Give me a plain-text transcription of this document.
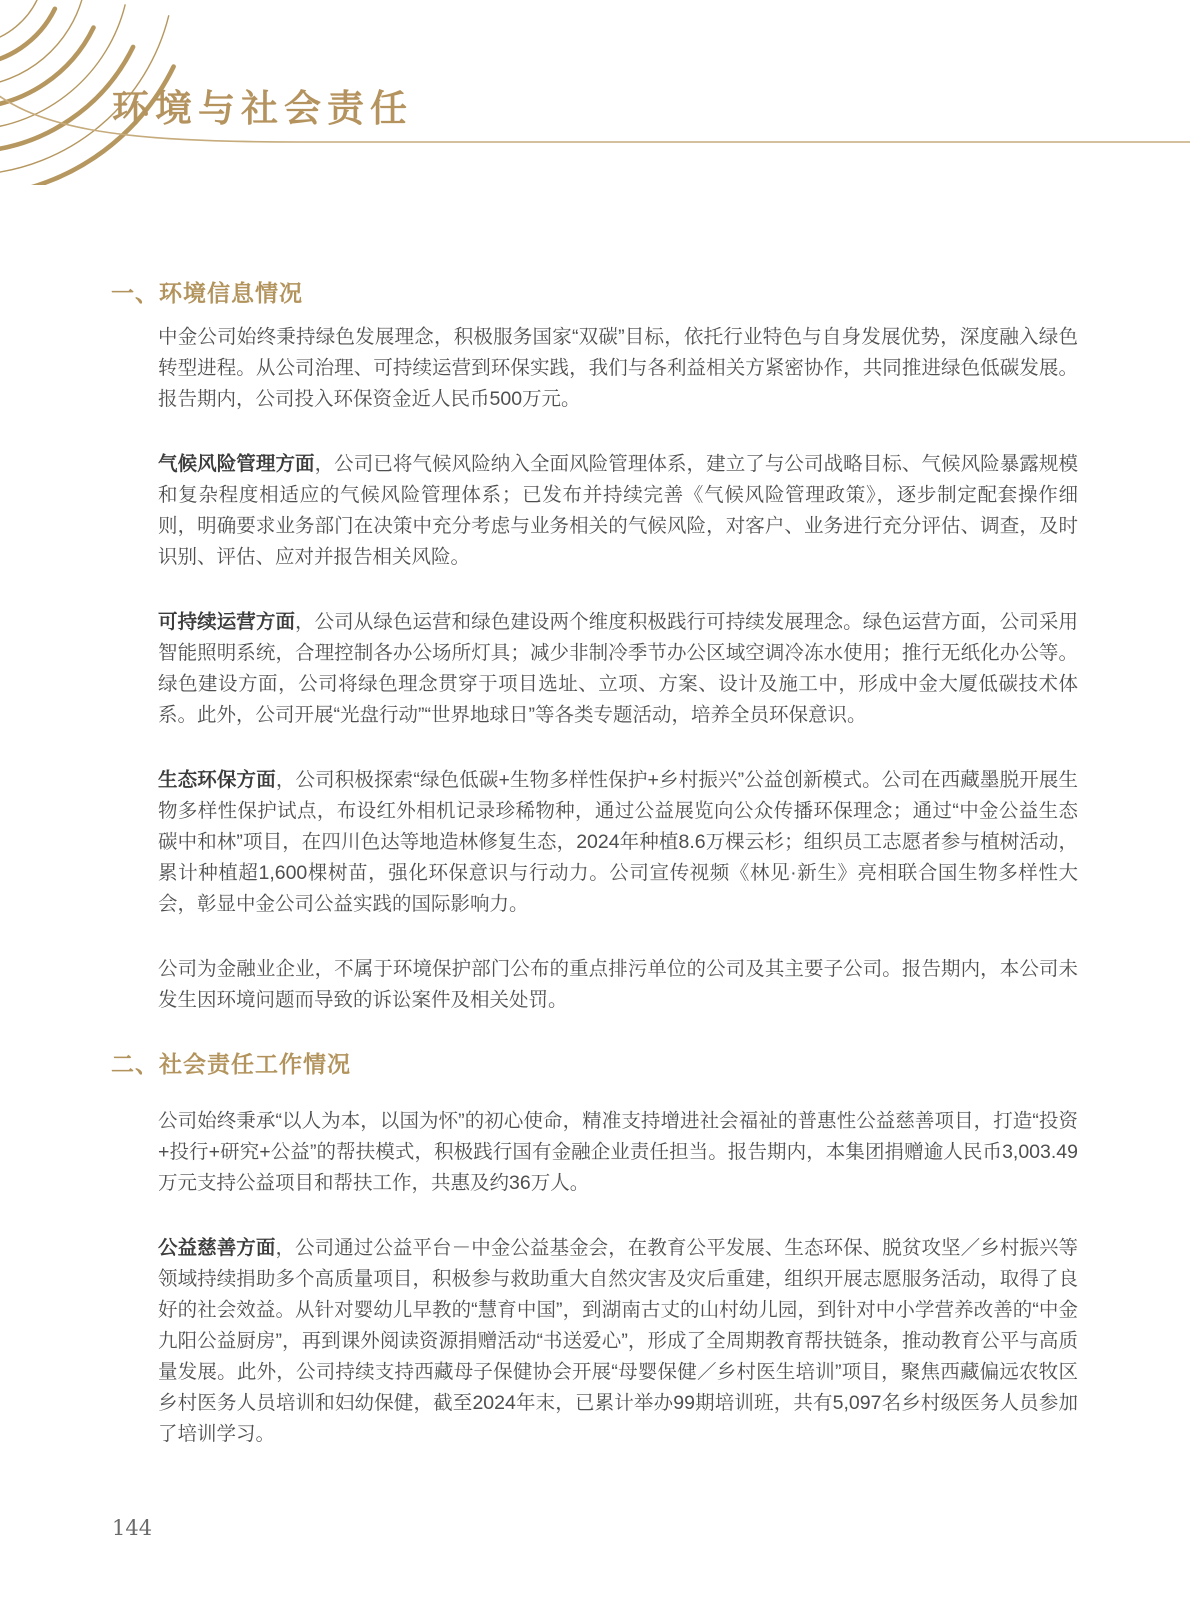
环境与社会责任
一、环境信息情况

中金公司始终秉持绿色发展理念，积极服务国家“双碳”目标，依托行业特色与自身发展优势，深度融入绿色转型进程。从公司治理、可持续运营到环保实践，我们与各利益相关方紧密协作，共同推进绿色低碳发展。报告期内，公司投入环保资金近人民币500万元。

气候风险管理方面，公司已将气候风险纳入全面风险管理体系，建立了与公司战略目标、气候风险暴露规模和复杂程度相适应的气候风险管理体系；已发布并持续完善《气候风险管理政策》，逐步制定配套操作细则，明确要求业务部门在决策中充分考虑与业务相关的气候风险，对客户、业务进行充分评估、调查，及时识别、评估、应对并报告相关风险。

可持续运营方面，公司从绿色运营和绿色建设两个维度积极践行可持续发展理念。绿色运营方面，公司采用智能照明系统，合理控制各办公场所灯具；减少非制冷季节办公区域空调冷冻水使用；推行无纸化办公等。绿色建设方面，公司将绿色理念贯穿于项目选址、立项、方案、设计及施工中，形成中金大厦低碳技术体系。此外，公司开展“光盘行动”“世界地球日”等各类专题活动，培养全员环保意识。

生态环保方面，公司积极探索“绿色低碳+生物多样性保护+乡村振兴”公益创新模式。公司在西藏墨脱开展生物多样性保护试点，布设红外相机记录珍稀物种，通过公益展览向公众传播环保理念；通过“中金公益生态碳中和林”项目，在四川色达等地造林修复生态，2024年种植8.6万棵云杉；组织员工志愿者参与植树活动，累计种植超1,600棵树苗，强化环保意识与行动力。公司宣传视频《林见·新生》亮相联合国生物多样性大会，彰显中金公司公益实践的国际影响力。

公司为金融业企业，不属于环境保护部门公布的重点排污单位的公司及其主要子公司。报告期内，本公司未发生因环境问题而导致的诉讼案件及相关处罚。

二、社会责任工作情况

公司始终秉承“以人为本，以国为怀”的初心使命，精准支持增进社会福祉的普惠性公益慈善项目，打造“投资+投行+研究+公益”的帮扶模式，积极践行国有金融企业责任担当。报告期内，本集团捐赠逾人民币3,003.49万元支持公益项目和帮扶工作，共惠及约36万人。

公益慈善方面，公司通过公益平台－中金公益基金会，在教育公平发展、生态环保、脱贫攻坚／乡村振兴等领域持续捐助多个高质量项目，积极参与救助重大自然灾害及灾后重建，组织开展志愿服务活动，取得了良好的社会效益。从针对婴幼儿早教的“慧育中国”，到湖南古丈的山村幼儿园，到针对中小学营养改善的“中金九阳公益厨房”，再到课外阅读资源捐赠活动“书送爱心”，形成了全周期教育帮扶链条，推动教育公平与高质量发展。此外，公司持续支持西藏母子保健协会开展“母婴保健／乡村医生培训”项目，聚焦西藏偏远农牧区乡村医务人员培训和妇幼保健，截至2024年末，已累计举办99期培训班，共有5,097名乡村级医务人员参加了培训学习。

144
